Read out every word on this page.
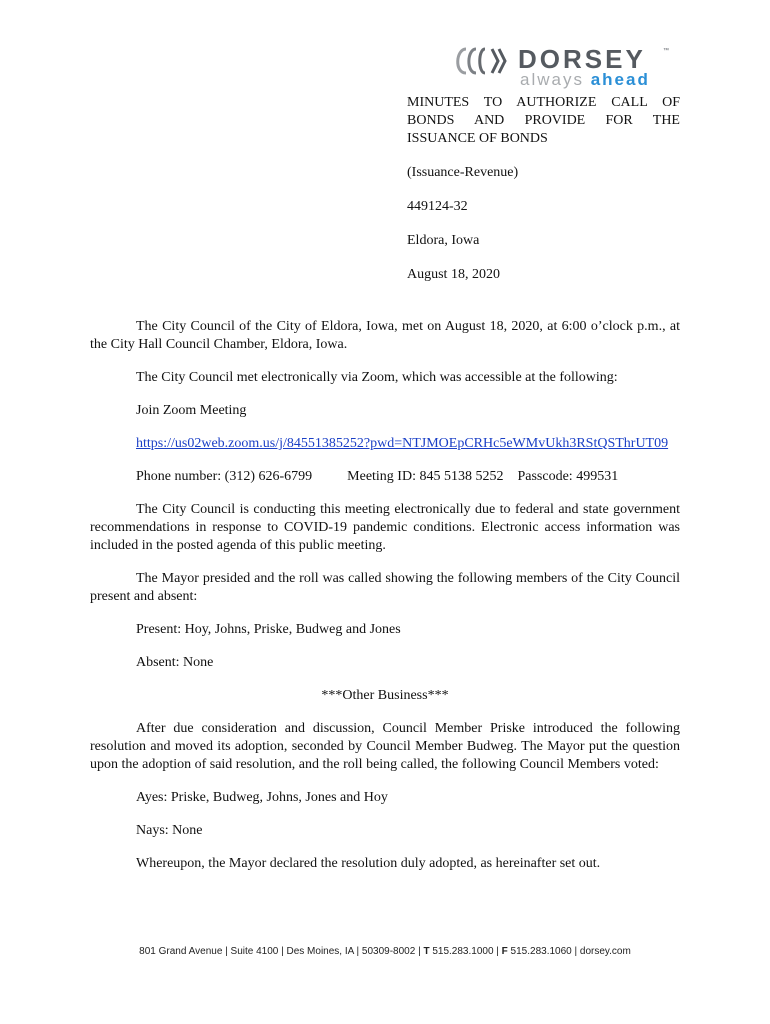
DORSEY	™
always ahead

MINUTES TO AUTHORIZE CALL OF BONDS AND PROVIDE FOR THE
ISSUANCE OF BONDS

(Issuance-Revenue)

449124-32

Eldora, Iowa

August 18, 2020

The City Council of the City of Eldora, Iowa, met on August 18, 2020, at 6:00 o’clock p.m., at the City Hall Council Chamber, Eldora, Iowa.

The City Council met electronically via Zoom, which was accessible at the following:

Join Zoom Meeting

https://us02web.zoom.us/j/84551385252?pwd=NTJMOEpCRHc5eWMvUkh3RStQSThrUT09

Phone number: (312) 626-6799	Meeting ID: 845 5138 5252 Passcode: 499531

The City Council is conducting this meeting electronically due to federal and state government recommendations in response to COVID-19 pandemic conditions. Electronic access information was included in the posted agenda of this public meeting.

The Mayor presided and the roll was called showing the following members of the City Council present and absent:

Present: Hoy, Johns, Priske, Budweg and Jones

Absent: None

***Other Business***

After due consideration and discussion, Council Member Priske introduced the following resolution and moved its adoption, seconded by Council Member Budweg. The Mayor put the question upon the adoption of said resolution, and the roll being called, the following Council Members voted:

Ayes: Priske, Budweg, Johns, Jones and Hoy

Nays: None

Whereupon, the Mayor declared the resolution duly adopted, as hereinafter set out.

801 Grand Avenue | Suite 4100 | Des Moines, IA | 50309-8002 | T 515.283.1000 | F 515.283.1060 | dorsey.com
